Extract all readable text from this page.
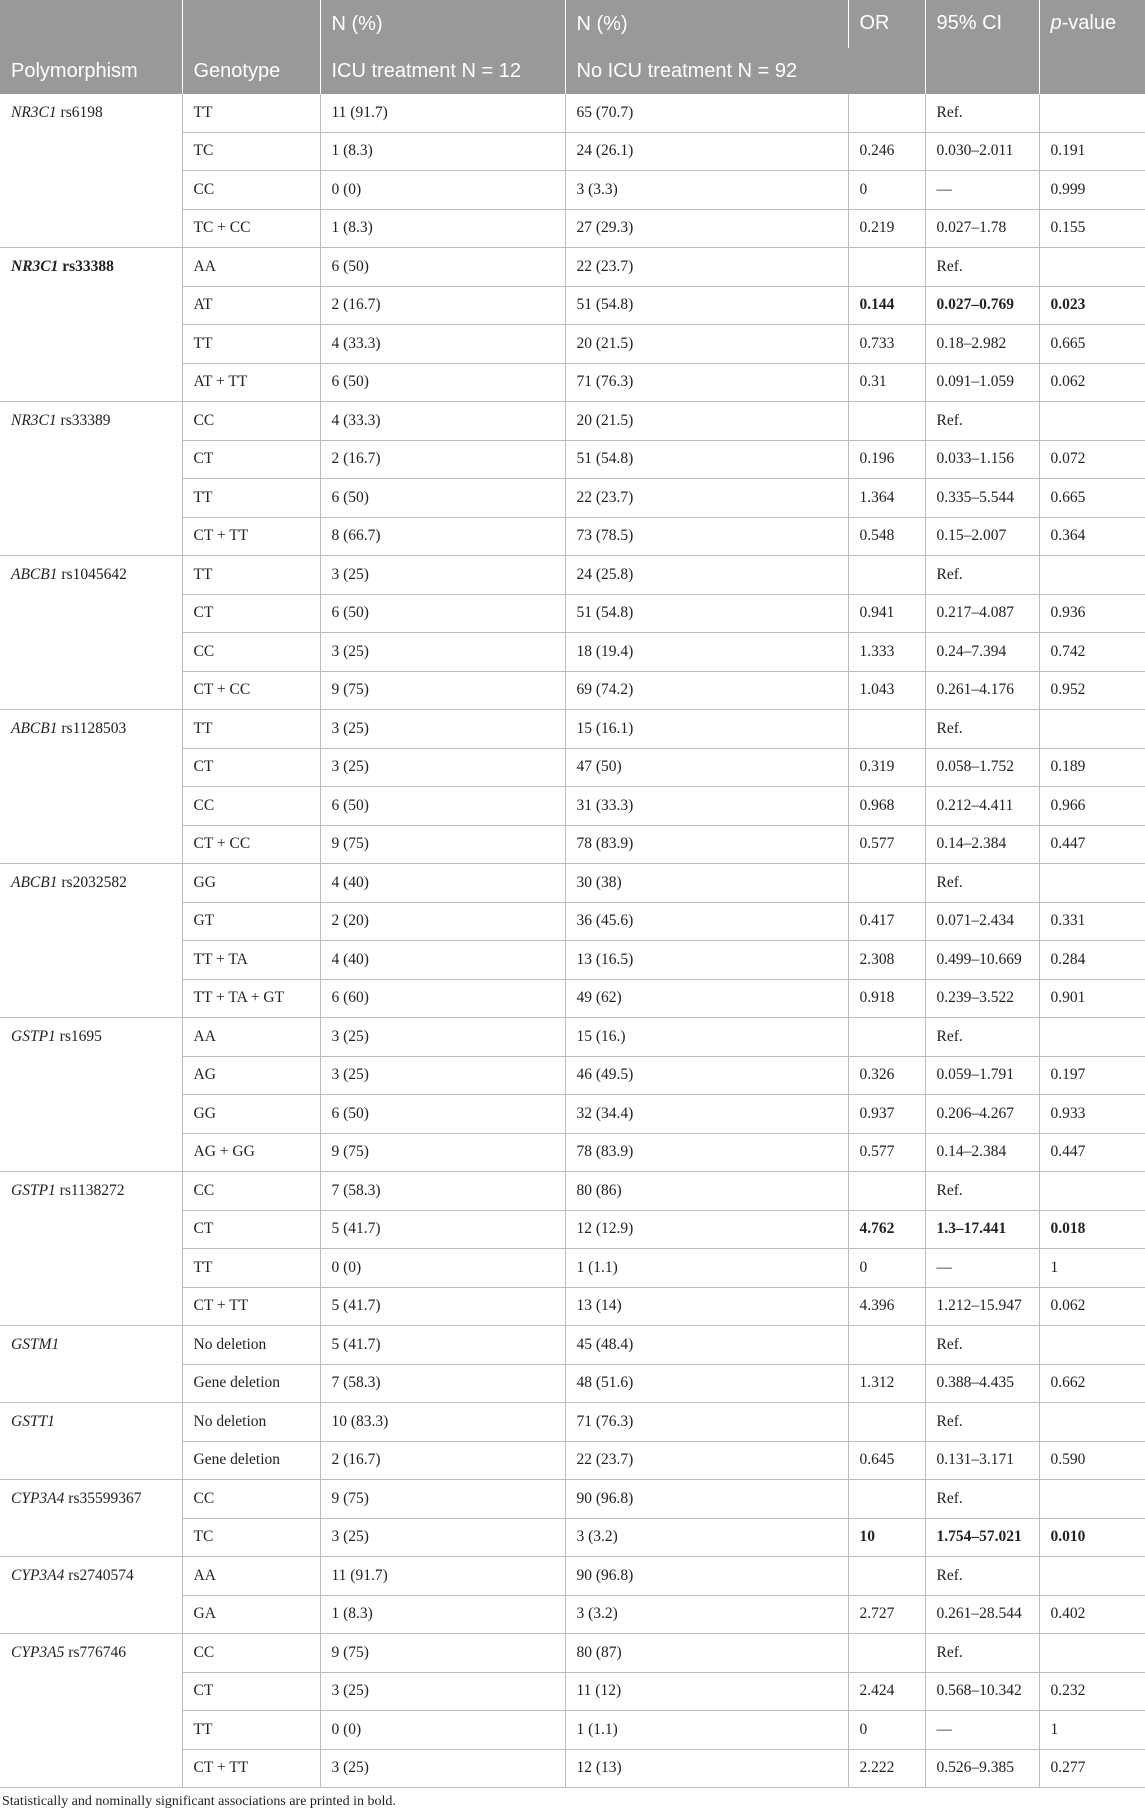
		N (%)	N (%)	OR	95% CI	p-value
Polymorphism	Genotype	ICU treatment N = 12	No ICU treatment N = 92			
NR3C1 rs6198	TT	11 (91.7)	65 (70.7)		Ref.	
	TC	1 (8.3)	24 (26.1)	0.246	0.030–2.011	0.191
	CC	0 (0)	3 (3.3)	0	—	0.999
	TC + CC	1 (8.3)	27 (29.3)	0.219	0.027–1.78	0.155
NR3C1 rs33388	AA	6 (50)	22 (23.7)		Ref.	
	AT	2 (16.7)	51 (54.8)	0.144	0.027–0.769	0.023
	TT	4 (33.3)	20 (21.5)	0.733	0.18–2.982	0.665
	AT + TT	6 (50)	71 (76.3)	0.31	0.091–1.059	0.062
NR3C1 rs33389	CC	4 (33.3)	20 (21.5)		Ref.	
	CT	2 (16.7)	51 (54.8)	0.196	0.033–1.156	0.072
	TT	6 (50)	22 (23.7)	1.364	0.335–5.544	0.665
	CT + TT	8 (66.7)	73 (78.5)	0.548	0.15–2.007	0.364
ABCB1 rs1045642	TT	3 (25)	24 (25.8)		Ref.	
	CT	6 (50)	51 (54.8)	0.941	0.217–4.087	0.936
	CC	3 (25)	18 (19.4)	1.333	0.24–7.394	0.742
	CT + CC	9 (75)	69 (74.2)	1.043	0.261–4.176	0.952
ABCB1 rs1128503	TT	3 (25)	15 (16.1)		Ref.	
	CT	3 (25)	47 (50)	0.319	0.058–1.752	0.189
	CC	6 (50)	31 (33.3)	0.968	0.212–4.411	0.966
	CT + CC	9 (75)	78 (83.9)	0.577	0.14–2.384	0.447
ABCB1 rs2032582	GG	4 (40)	30 (38)		Ref.	
	GT	2 (20)	36 (45.6)	0.417	0.071–2.434	0.331
	TT + TA	4 (40)	13 (16.5)	2.308	0.499–10.669	0.284
	TT + TA + GT	6 (60)	49 (62)	0.918	0.239–3.522	0.901
GSTP1 rs1695	AA	3 (25)	15 (16.)		Ref.	
	AG	3 (25)	46 (49.5)	0.326	0.059–1.791	0.197
	GG	6 (50)	32 (34.4)	0.937	0.206–4.267	0.933
	AG + GG	9 (75)	78 (83.9)	0.577	0.14–2.384	0.447
GSTP1 rs1138272	CC	7 (58.3)	80 (86)		Ref.	
	CT	5 (41.7)	12 (12.9)	4.762	1.3–17.441	0.018
	TT	0 (0)	1 (1.1)	0	—	1
	CT + TT	5 (41.7)	13 (14)	4.396	1.212–15.947	0.062
GSTM1	No deletion	5 (41.7)	45 (48.4)		Ref.	
	Gene deletion	7 (58.3)	48 (51.6)	1.312	0.388–4.435	0.662
GSTT1	No deletion	10 (83.3)	71 (76.3)		Ref.	
	Gene deletion	2 (16.7)	22 (23.7)	0.645	0.131–3.171	0.590
CYP3A4 rs35599367	CC	9 (75)	90 (96.8)		Ref.	
	TC	3 (25)	3 (3.2)	10	1.754–57.021	0.010
CYP3A4 rs2740574	AA	11 (91.7)	90 (96.8)		Ref.	
	GA	1 (8.3)	3 (3.2)	2.727	0.261–28.544	0.402
CYP3A5 rs776746	CC	9 (75)	80 (87)		Ref.	
	CT	3 (25)	11 (12)	2.424	0.568–10.342	0.232
	TT	0 (0)	1 (1.1)	0	—	1
	CT + TT	3 (25)	12 (13)	2.222	0.526–9.385	0.277
Statistically and nominally significant associations are printed in bold.
